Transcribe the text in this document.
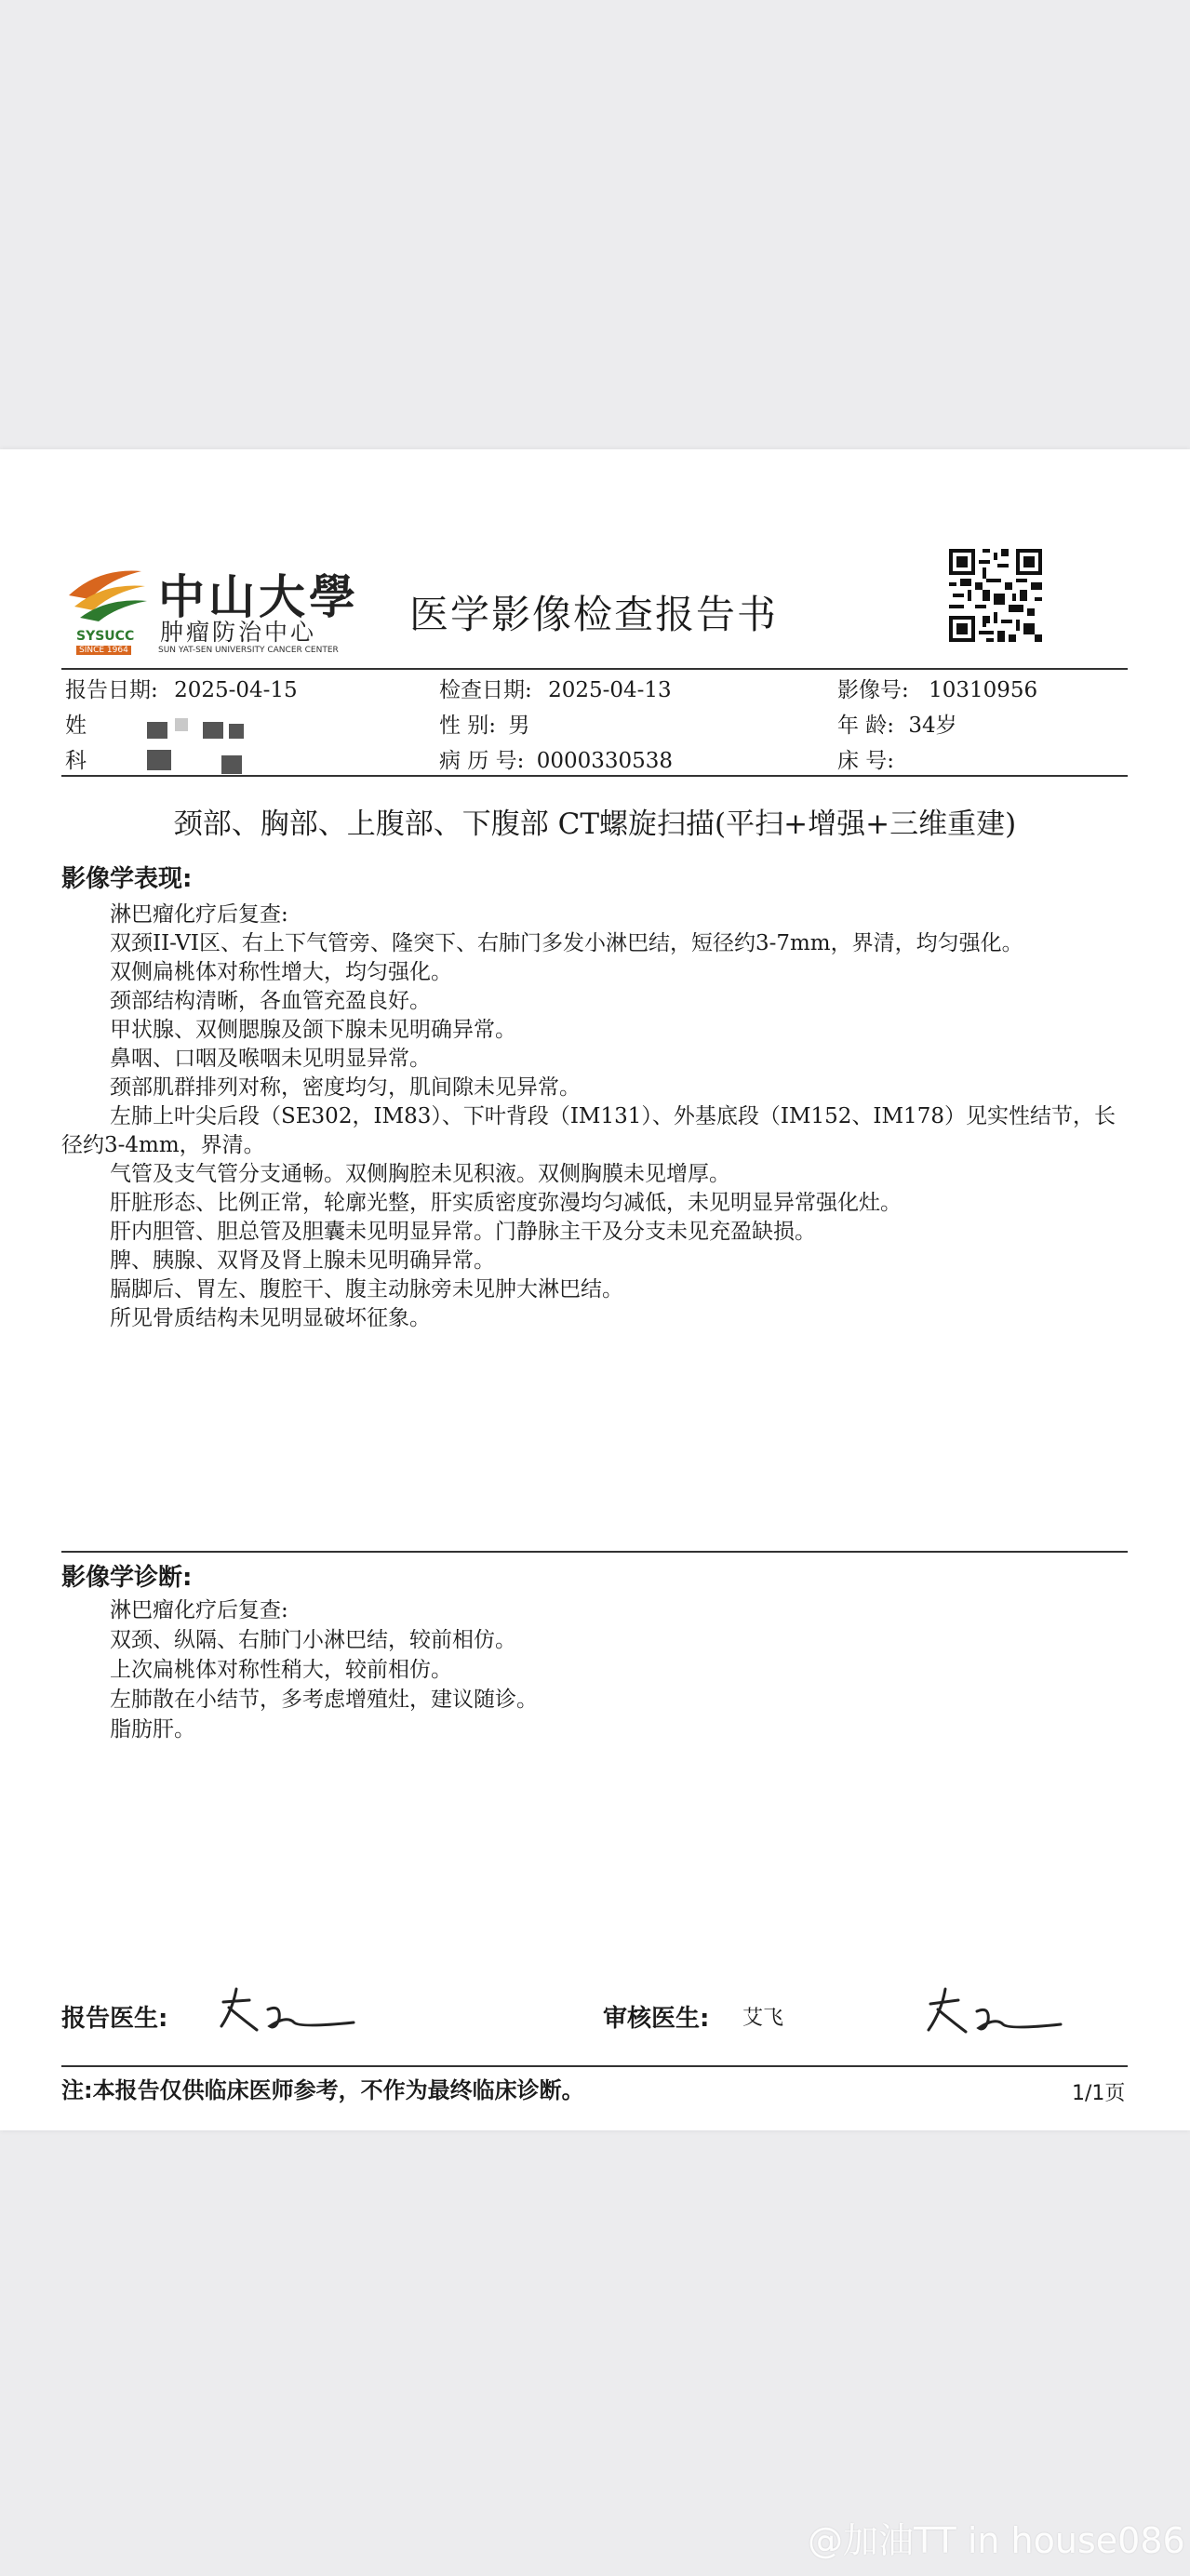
SYSUCC
SINCE 1964
中山大學
肿瘤防治中心
SUN YAT-SEN UNIVERSITY CANCER CENTER
医学影像检查报告书
报告日期: 2025-04-15	检查日期: 2025-04-13	影像号: 10310956
姓	性 别: 男	年 龄: 34岁
科	病 历 号: 0000330538	床 号:
颈部、胸部、上腹部、下腹部 CT螺旋扫描(平扫+增强+三维重建)
影像学表现:

淋巴瘤化疗后复查:

双颈II-VI区、右上下气管旁、隆突下、右肺门多发小淋巴结，短径约3-7mm，界清，均匀强化。

双侧扁桃体对称性增大，均匀强化。

颈部结构清晰，各血管充盈良好。

甲状腺、双侧腮腺及颌下腺未见明确异常。

鼻咽、口咽及喉咽未见明显异常。

颈部肌群排列对称，密度均匀，肌间隙未见异常。

左肺上叶尖后段（SE302，IM83）、下叶背段（IM131）、外基底段（IM152、IM178）见实性结节，长径约3-4mm，界清。

气管及支气管分支通畅。双侧胸腔未见积液。双侧胸膜未见增厚。

肝脏形态、比例正常，轮廓光整，肝实质密度弥漫均匀减低，未见明显异常强化灶。

肝内胆管、胆总管及胆囊未见明显异常。门静脉主干及分支未见充盈缺损。

脾、胰腺、双肾及肾上腺未见明确异常。

膈脚后、胃左、腹腔干、腹主动脉旁未见肿大淋巴结。

所见骨质结构未见明显破坏征象。

影像学诊断:

淋巴瘤化疗后复查:

双颈、纵隔、右肺门小淋巴结，较前相仿。

上次扁桃体对称性稍大，较前相仿。

左肺散在小结节，多考虑增殖灶，建议随诊。

脂肪肝。

报告医生:	审核医生: 艾飞
注:本报告仅供临床医师参考，不作为最终临床诊断。	1/1页
@加油TT in house086
